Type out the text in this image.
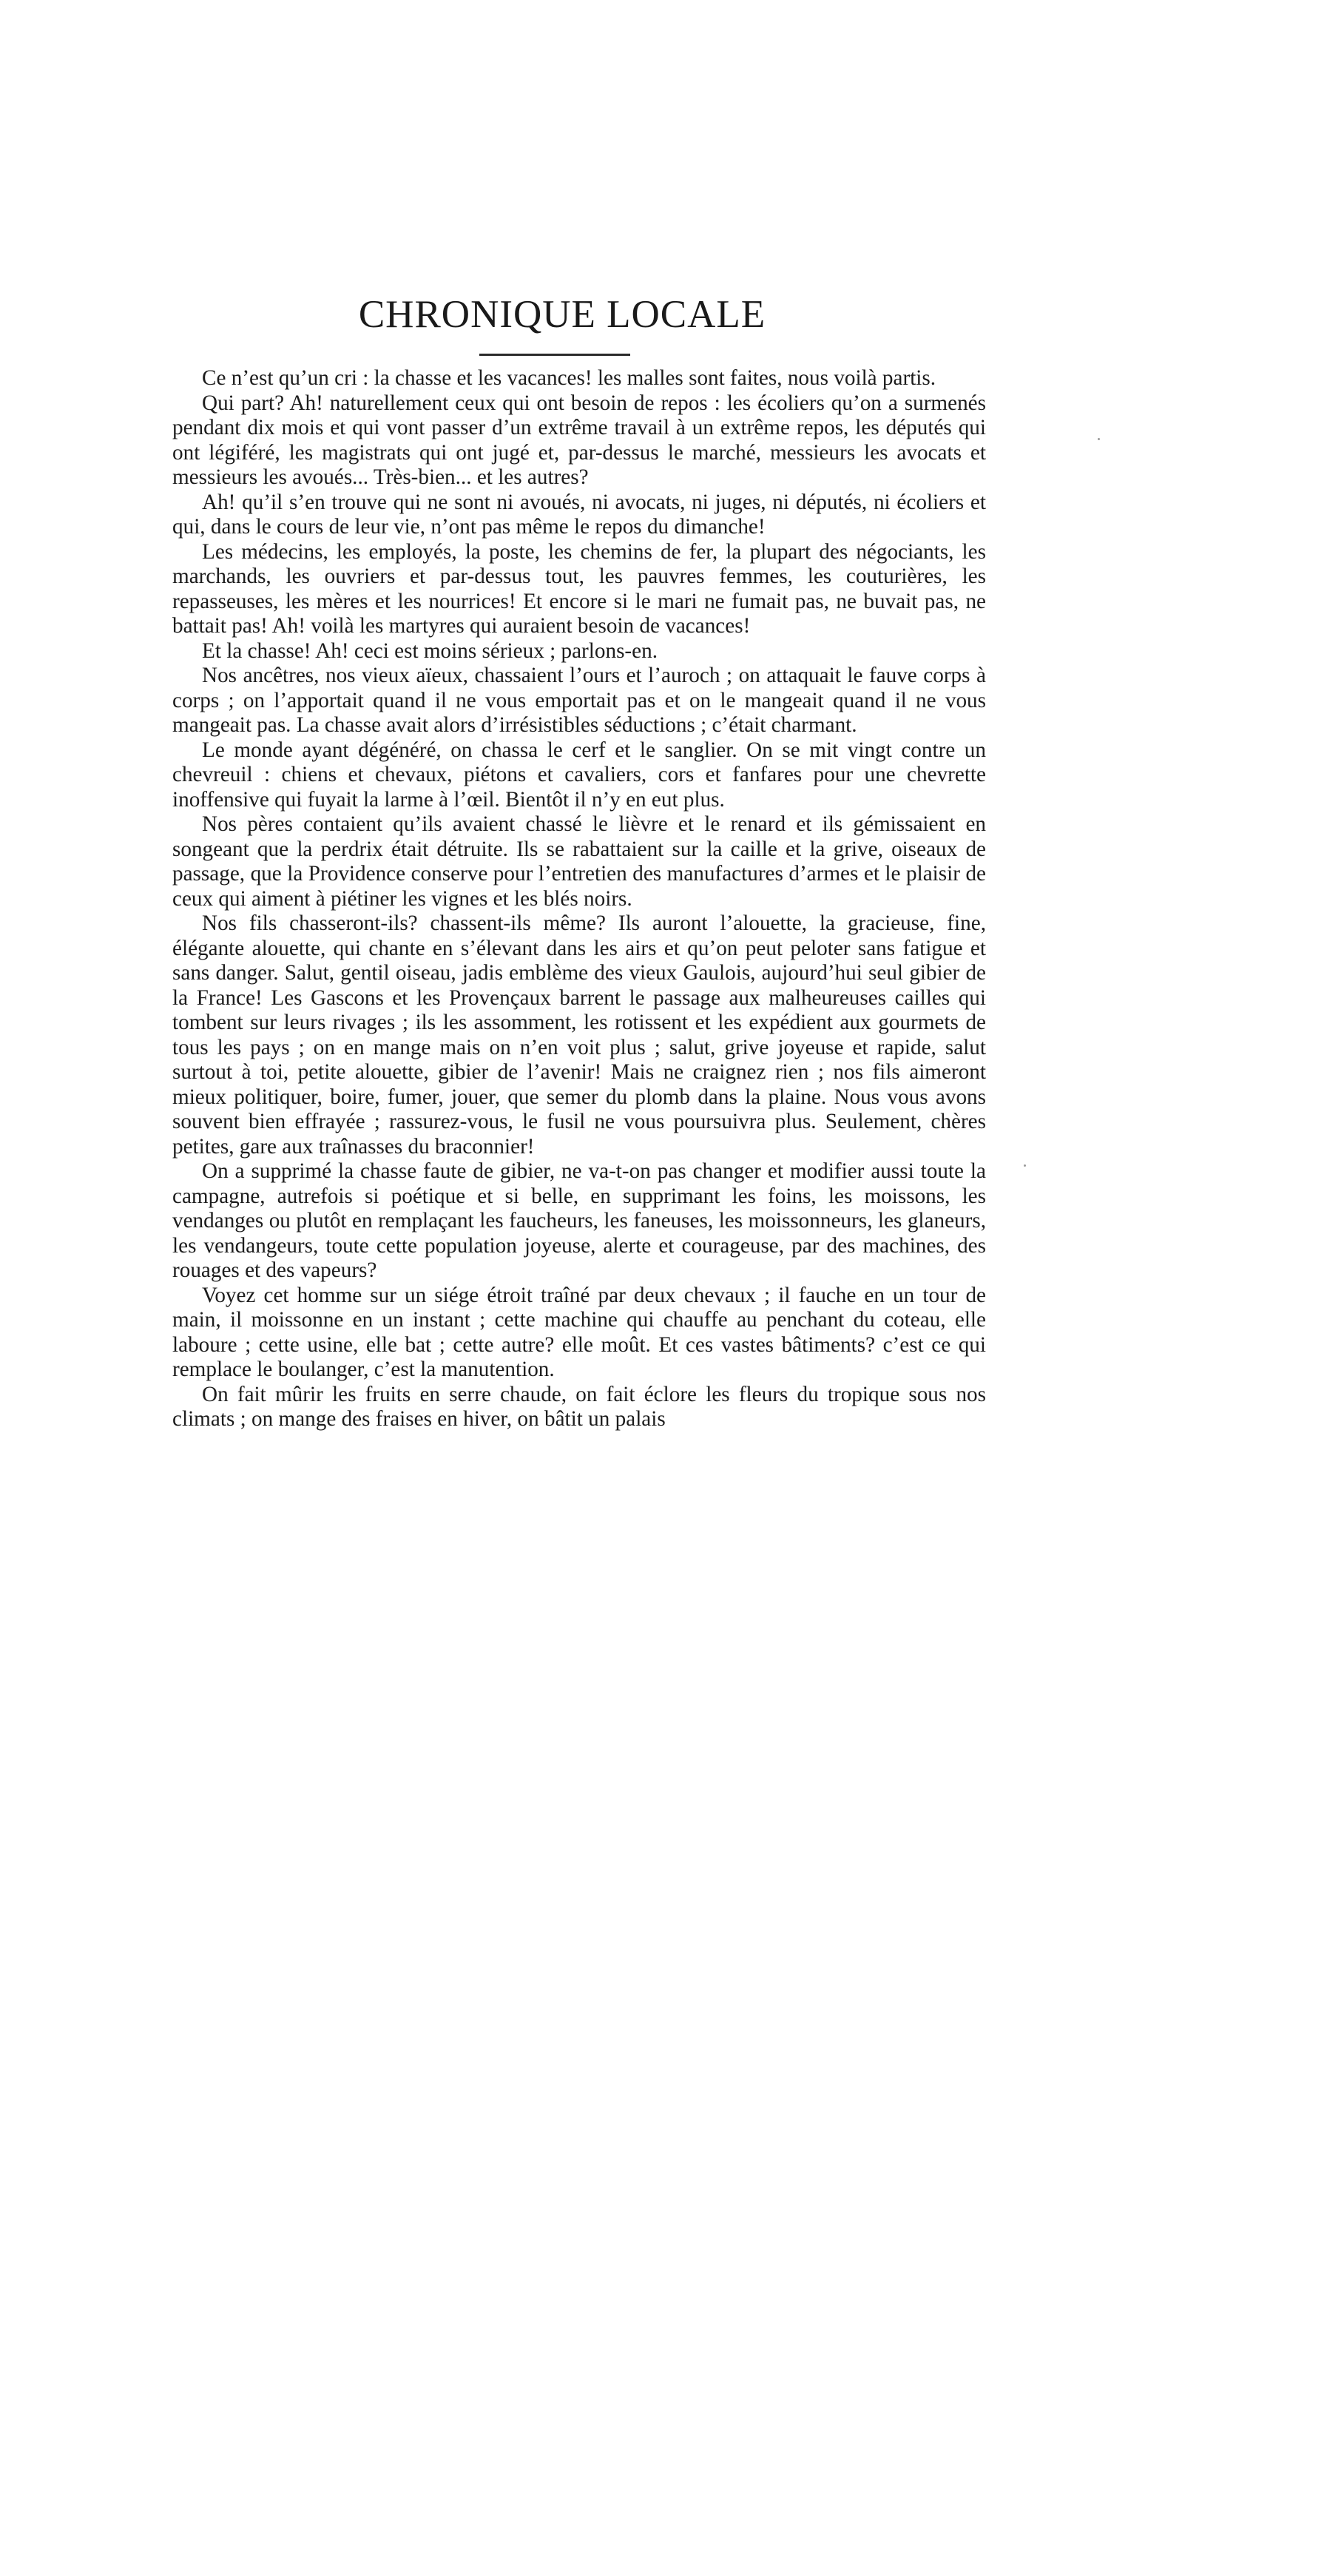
CHRONIQUE LOCALE

Ce n’est qu’un cri : la chasse et les vacances! les malles sont faites, nous voilà partis.

Qui part? Ah! naturellement ceux qui ont besoin de repos : les écoliers qu’on a surmenés pendant dix mois et qui vont passer d’un extrême travail à un extrême repos, les députés qui ont légiféré, les magistrats qui ont jugé et, par-dessus le marché, messieurs les avocats et messieurs les avoués... Très-bien... et les autres?

Ah! qu’il s’en trouve qui ne sont ni avoués, ni avocats, ni juges, ni députés, ni écoliers et qui, dans le cours de leur vie, n’ont pas même le repos du dimanche!

Les médecins, les employés, la poste, les chemins de fer, la plupart des négociants, les marchands, les ouvriers et par-dessus tout, les pauvres femmes, les couturières, les repasseuses, les mères et les nourrices! Et encore si le mari ne fumait pas, ne buvait pas, ne battait pas! Ah! voilà les martyres qui auraient besoin de vacances!

Et la chasse! Ah! ceci est moins sérieux ; parlons-en.

Nos ancêtres, nos vieux aïeux, chassaient l’ours et l’auroch ; on attaquait le fauve corps à corps ; on l’apportait quand il ne vous emportait pas et on le mangeait quand il ne vous mangeait pas. La chasse avait alors d’irrésistibles séductions ; c’était charmant.

Le monde ayant dégénéré, on chassa le cerf et le sanglier. On se mit vingt contre un chevreuil : chiens et chevaux, piétons et cavaliers, cors et fanfares pour une chevrette inoffensive qui fuyait la larme à l’œil. Bientôt il n’y en eut plus.

Nos pères contaient qu’ils avaient chassé le lièvre et le renard et ils gémissaient en songeant que la perdrix était détruite. Ils se rabattaient sur la caille et la grive, oiseaux de passage, que la Providence conserve pour l’entretien des manufactures d’armes et le plaisir de ceux qui aiment à piétiner les vignes et les blés noirs.

Nos fils chasseront-ils? chassent-ils même? Ils auront l’alouette, la gracieuse, fine, élégante alouette, qui chante en s’élevant dans les airs et qu’on peut peloter sans fatigue et sans danger. Salut, gentil oiseau, jadis emblème des vieux Gaulois, aujourd’hui seul gibier de la France! Les Gascons et les Provençaux barrent le passage aux malheureuses cailles qui tombent sur leurs rivages ; ils les assomment, les rotissent et les expédient aux gourmets de tous les pays ; on en mange mais on n’en voit plus ; salut, grive joyeuse et rapide, salut surtout à toi, petite alouette, gibier de l’avenir! Mais ne craignez rien ; nos fils aimeront mieux politiquer, boire, fumer, jouer, que semer du plomb dans la plaine. Nous vous avons souvent bien effrayée ; rassurez-vous, le fusil ne vous poursuivra plus. Seulement, chères petites, gare aux traînasses du braconnier!

On a supprimé la chasse faute de gibier, ne va-t-on pas changer et modifier aussi toute la campagne, autrefois si poétique et si belle, en supprimant les foins, les moissons, les vendanges ou plutôt en remplaçant les faucheurs, les faneuses, les moissonneurs, les glaneurs, les vendangeurs, toute cette population joyeuse, alerte et courageuse, par des machines, des rouages et des vapeurs?

Voyez cet homme sur un siége étroit traîné par deux chevaux ; il fauche en un tour de main, il moissonne en un instant ; cette machine qui chauffe au penchant du coteau, elle laboure ; cette usine, elle bat ; cette autre? elle moût. Et ces vastes bâtiments? c’est ce qui remplace le boulanger, c’est la manutention.

On fait mûrir les fruits en serre chaude, on fait éclore les fleurs du tropique sous nos climats ; on mange des fraises en hiver, on bâtit un palais
